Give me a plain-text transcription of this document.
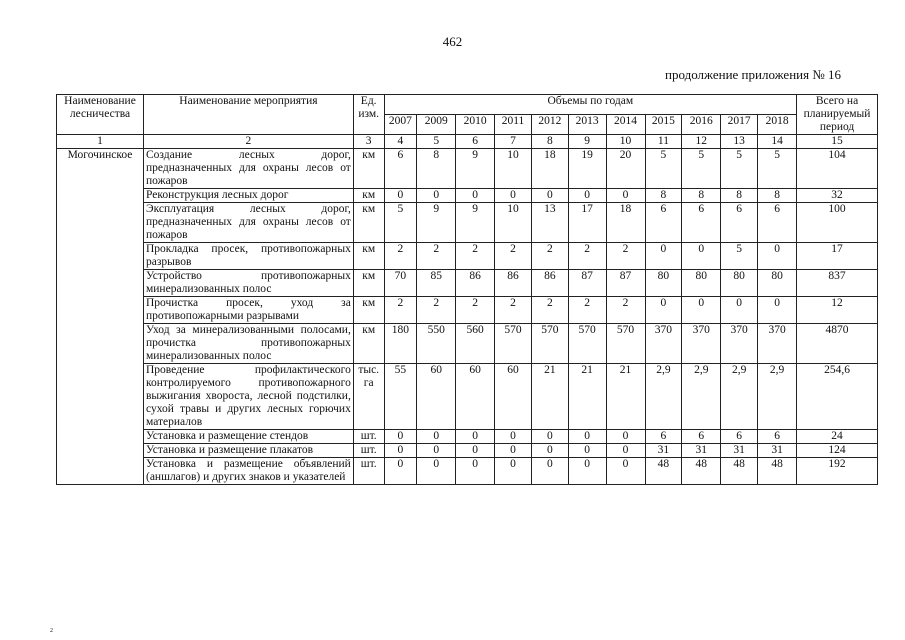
462
продолжение приложения № 16
Наименование лесничества	Наименование мероприятия	Ед. изм.	Объемы по годам											Всего на планируемый период
			2007	2009	2010	2011	2012	2013	2014	2015	2016	2017	2018	
1	2	3	4	5	6	7	8	9	10	11	12	13	14	15
Могочинское	Создание лесных дорог, предназначенных для охраны лесов от пожаров	км	6	8	9	10	18	19	20	5	5	5	5	104
	Реконструкция лесных дорог	км	0	0	0	0	0	0	0	8	8	8	8	32
	Эксплуатация лесных дорог, предназначенных для охраны лесов от пожаров	км	5	9	9	10	13	17	18	6	6	6	6	100
	Прокладка просек, противопожарных разрывов	км	2	2	2	2	2	2	2	0	0	5	0	17
	Устройство противопожарных минерализованных полос	км	70	85	86	86	86	87	87	80	80	80	80	837
	Прочистка просек, уход за противопожарными разрывами	км	2	2	2	2	2	2	2	0	0	0	0	12
	Уход за минерализованными полосами, прочистка противопожарных минерализованных полос	км	180	550	560	570	570	570	570	370	370	370	370	4870
	Проведение профилактического контролируемого противопожарного выжигания хвороста, лесной подстилки, сухой травы и других лесных горючих материалов	тыс. га	55	60	60	60	21	21	21	2,9	2,9	2,9	2,9	254,6
	Установка и размещение стендов	шт.	0	0	0	0	0	0	0	6	6	6	6	24
	Установка и размещение плакатов	шт.	0	0	0	0	0	0	0	31	31	31	31	124
	Установка и размещение объявлений (аншлагов) и других знаков и указателей	шт.	0	0	0	0	0	0	0	48	48	48	48	192
2
